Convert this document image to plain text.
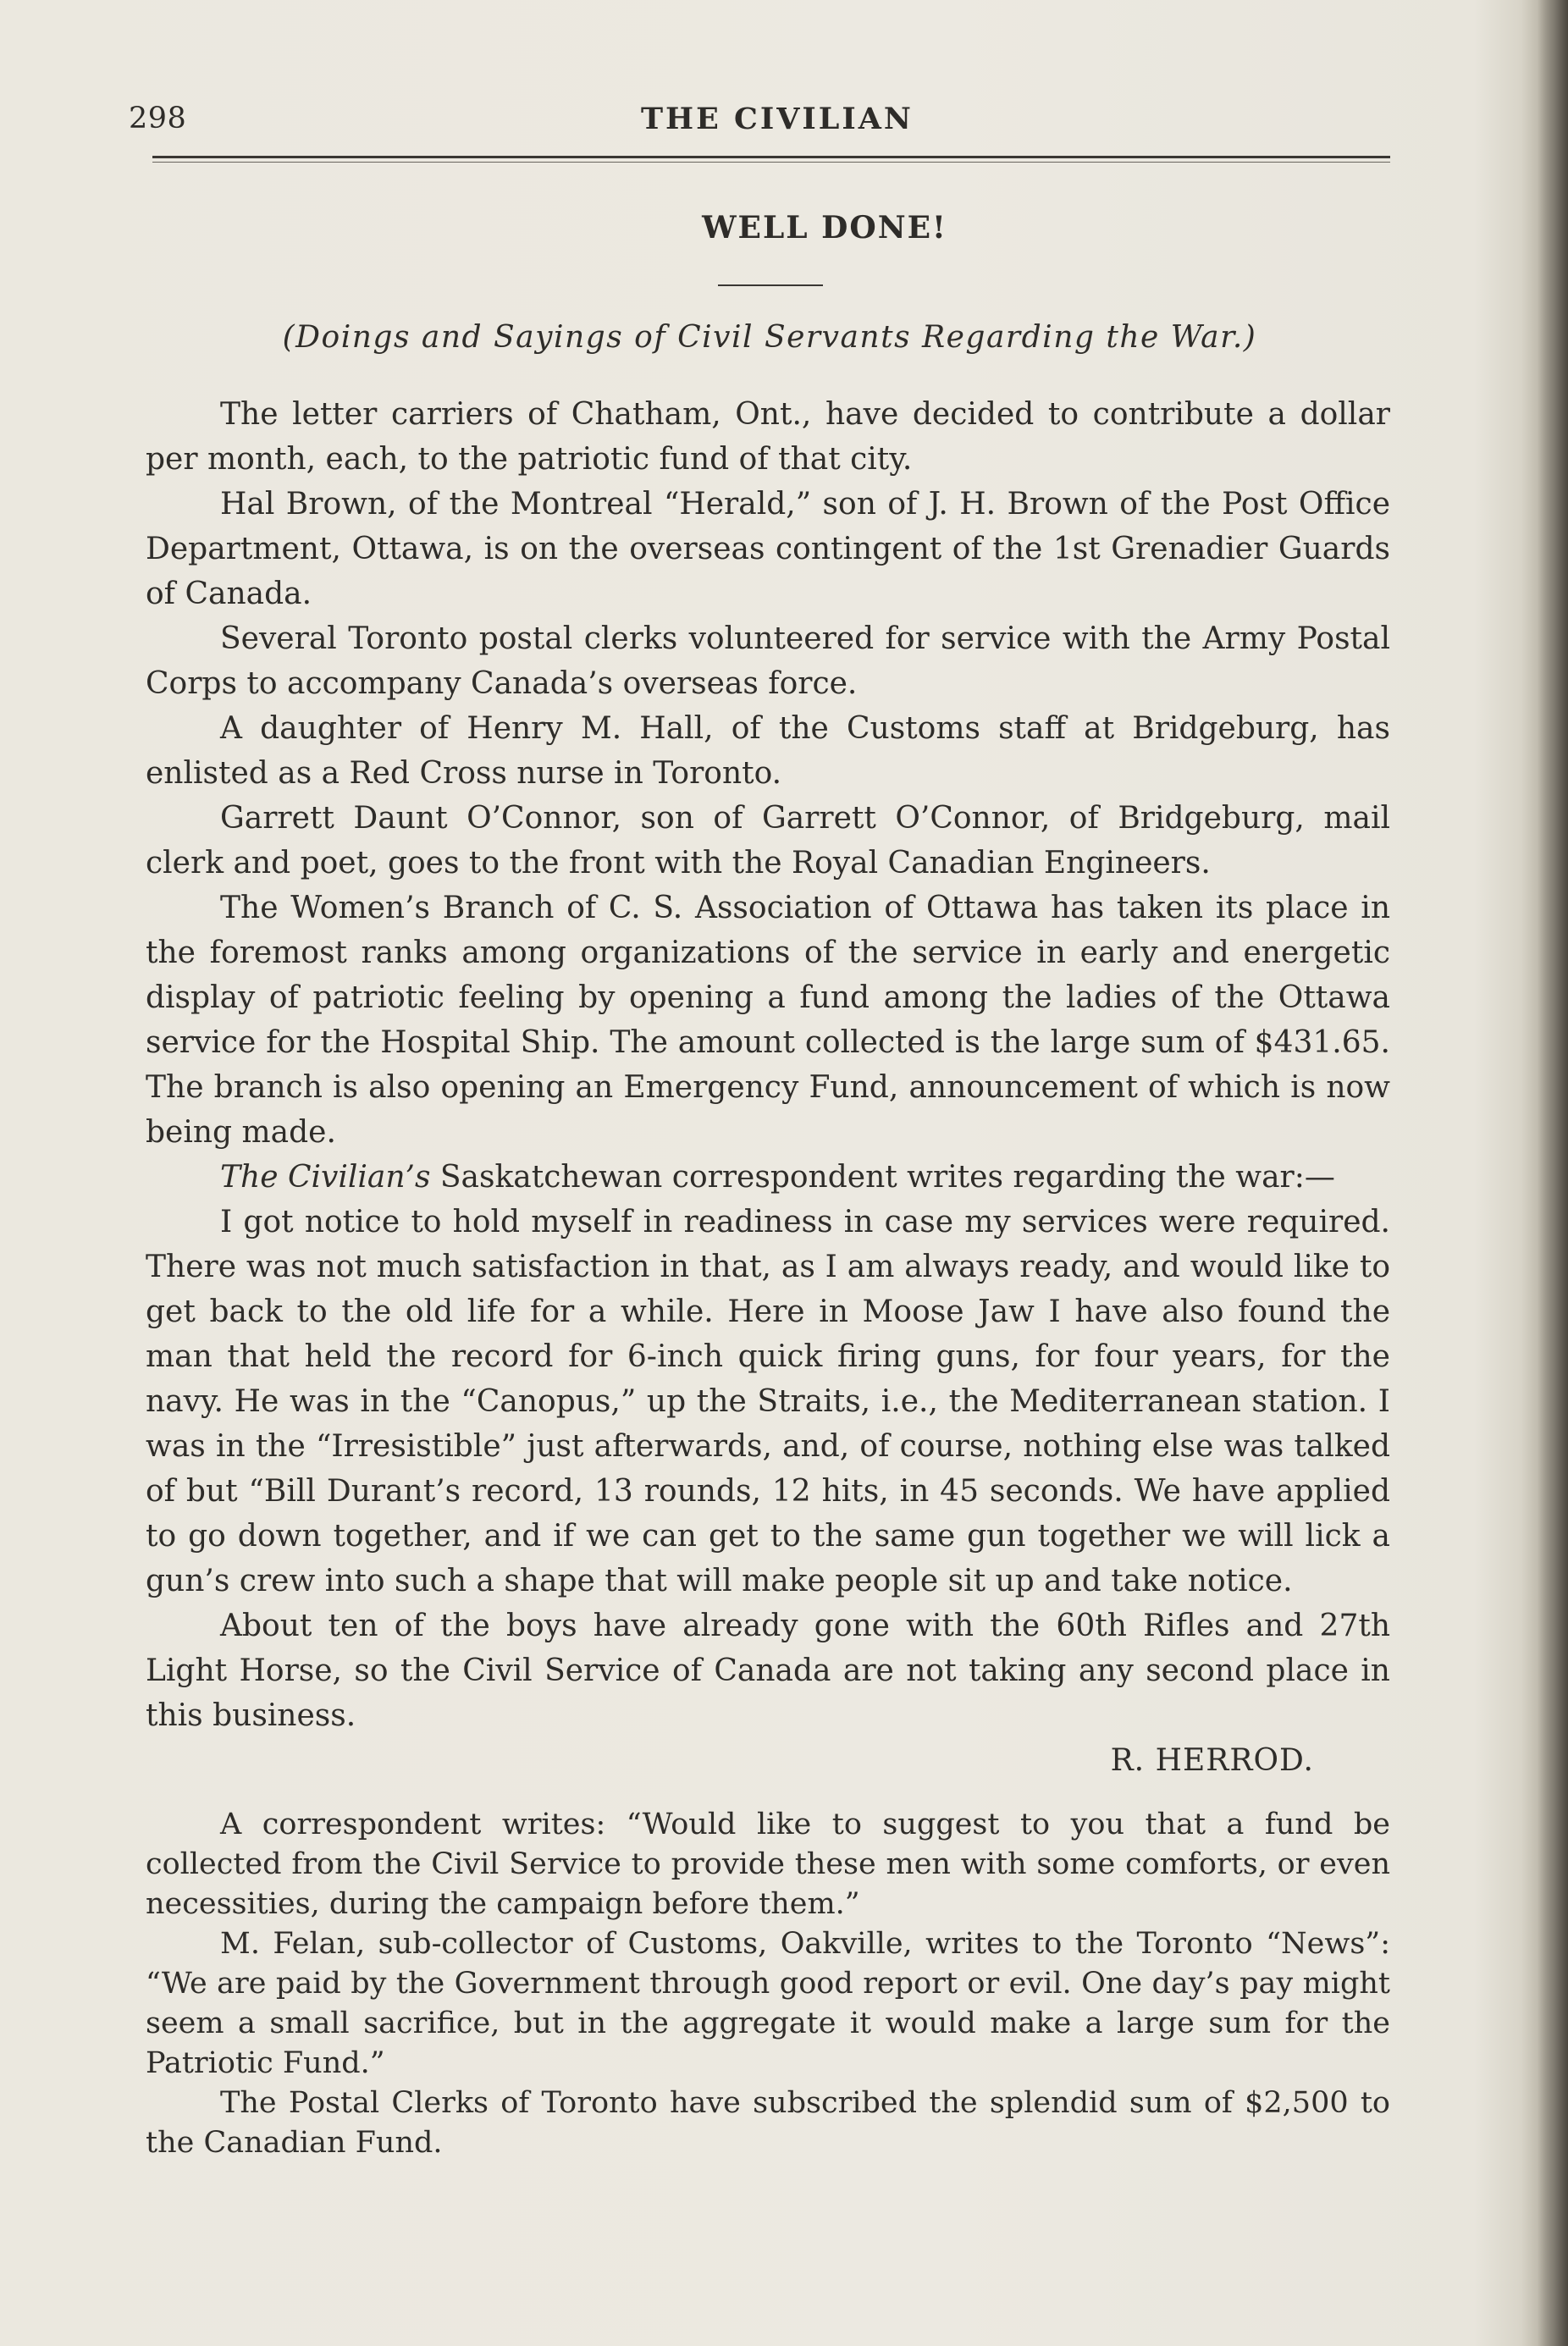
298	THE CIVILIAN
WELL DONE!
(Doings and Sayings of Civil Servants Regarding the War.)

The letter carriers of Chatham, Ont., have decided to contribute a dollar per month, each, to the patriotic fund of that city.

Hal Brown, of the Montreal “Herald,” son of J. H. Brown of the Post Office Department, Ottawa, is on the overseas contingent of the 1st Grenadier Guards of Canada.

Several Toronto postal clerks volunteered for service with the Army Postal Corps to accompany Canada’s overseas force.

A daughter of Henry M. Hall, of the Customs staff at Bridgeburg, has enlisted as a Red Cross nurse in Toronto.

Garrett Daunt O’Connor, son of Garrett O’Connor, of Bridgeburg, mail clerk and poet, goes to the front with the Royal Canadian Engineers.

The Women’s Branch of C. S. Association of Ottawa has taken its place in the foremost ranks among organizations of the service in early and energetic display of patriotic feeling by opening a fund among the ladies of the Ottawa service for the Hospital Ship. The amount collected is the large sum of $431.65. The branch is also opening an Emergency Fund, announcement of which is now being made.

The Civilian’s Saskatchewan correspondent writes regarding the war:—

I got notice to hold myself in readiness in case my services were required. There was not much satisfaction in that, as I am always ready, and would like to get back to the old life for a while. Here in Moose Jaw I have also found the man that held the record for 6-inch quick firing guns, for four years, for the navy. He was in the “Canopus,” up the Straits, i.e., the Mediterranean station. I was in the “Irresistible” just afterwards, and, of course, nothing else was talked of but “Bill Durant’s record, 13 rounds, 12 hits, in 45 seconds. We have applied to go down together, and if we can get to the same gun together we will lick a gun’s crew into such a shape that will make people sit up and take notice.

About ten of the boys have already gone with the 60th Rifles and 27th Light Horse, so the Civil Service of Canada are not taking any second place in this business.

R. HERROD.

A correspondent writes: “Would like to suggest to you that a fund be collected from the Civil Service to provide these men with some comforts, or even necessities, during the campaign before them.”

M. Felan, sub-collector of Customs, Oakville, writes to the Toronto “News”: “We are paid by the Government through good report or evil. One day’s pay might seem a small sacrifice, but in the aggregate it would make a large sum for the Patriotic Fund.”

The Postal Clerks of Toronto have subscribed the splendid sum of $2,500 to the Canadian Fund.
